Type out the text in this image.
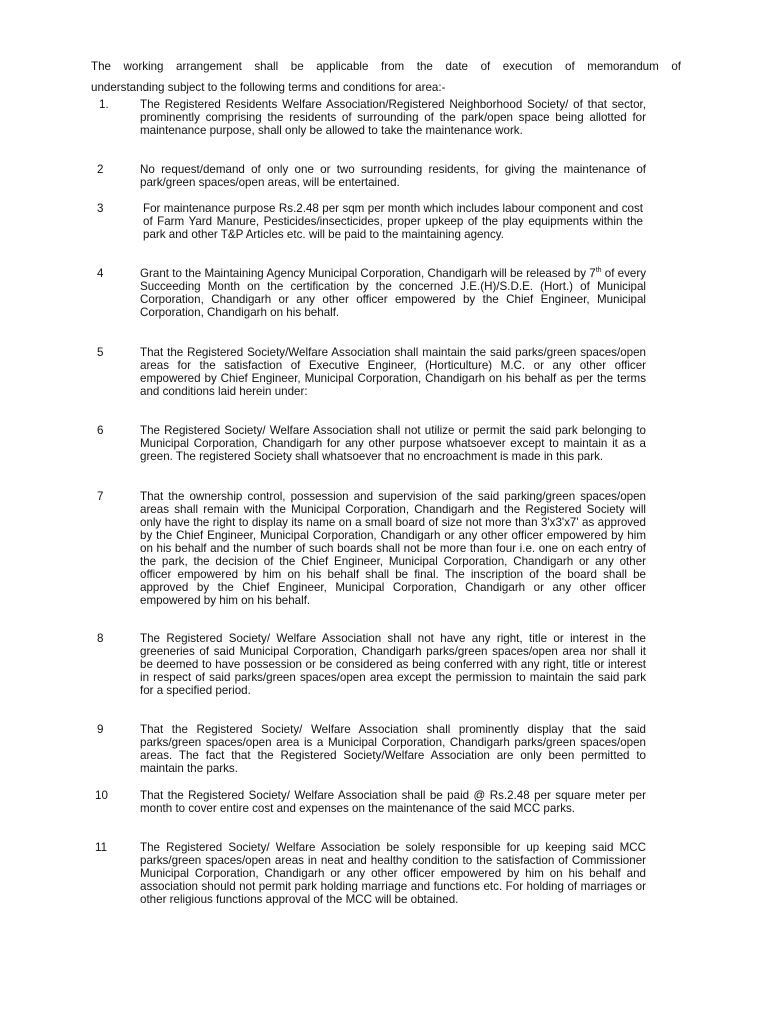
The working arrangement shall be applicable from the date of execution of memorandum of
understanding subject to the following terms and conditions for area:-
1.	The Registered Residents Welfare Association/Registered Neighborhood Society/ of that sector, prominently comprising the residents of surrounding of the park/open space being allotted for maintenance purpose, shall only be allowed to take the maintenance work.
2	No request/demand of only one or two surrounding residents, for giving the maintenance of park/green spaces/open areas, will be entertained.
3	For maintenance purpose Rs.2.48 per sqm per month which includes labour component and cost of Farm Yard Manure, Pesticides/insecticides, proper upkeep of the play equipments within the park and other T&P Articles etc. will be paid to the maintaining agency.
4	Grant to the Maintaining Agency Municipal Corporation, Chandigarh will be released by 7th of every Succeeding Month on the certification by the concerned J.E.(H)/S.D.E. (Hort.) of Municipal Corporation, Chandigarh or any other officer empowered by the Chief Engineer, Municipal Corporation, Chandigarh on his behalf.
5	That the Registered Society/Welfare Association shall maintain the said parks/green spaces/open areas for the satisfaction of Executive Engineer, (Horticulture) M.C. or any other officer empowered by Chief Engineer, Municipal Corporation, Chandigarh on his behalf as per the terms and conditions laid herein under:
6	The Registered Society/ Welfare Association shall not utilize or permit the said park belonging to Municipal Corporation, Chandigarh for any other purpose whatsoever except to maintain it as a green. The registered Society shall whatsoever that no encroachment is made in this park.
7	That the ownership control, possession and supervision of the said parking/green spaces/open areas shall remain with the Municipal Corporation, Chandigarh and the Registered Society will only have the right to display its name on a small board of size not more than 3'x3'x7' as approved by the Chief Engineer, Municipal Corporation, Chandigarh or any other officer empowered by him on his behalf and the number of such boards shall not be more than four i.e. one on each entry of the park, the decision of the Chief Engineer, Municipal Corporation, Chandigarh or any other officer empowered by him on his behalf shall be final. The inscription of the board shall be approved by the Chief Engineer, Municipal Corporation, Chandigarh or any other officer empowered by him on his behalf.
8	The Registered Society/ Welfare Association shall not have any right, title or interest in the greeneries of said Municipal Corporation, Chandigarh parks/green spaces/open area nor shall it be deemed to have possession or be considered as being conferred with any right, title or interest in respect of said parks/green spaces/open area except the permission to maintain the said park for a specified period.
9	That the Registered Society/ Welfare Association shall prominently display that the said parks/green spaces/open area is a Municipal Corporation, Chandigarh parks/green spaces/open areas. The fact that the Registered Society/Welfare Association are only been permitted to maintain the parks.
10	That the Registered Society/ Welfare Association shall be paid @ Rs.2.48 per square meter per month to cover entire cost and expenses on the maintenance of the said MCC parks.
11	The Registered Society/ Welfare Association be solely responsible for up keeping said MCC parks/green spaces/open areas in neat and healthy condition to the satisfaction of Commissioner Municipal Corporation, Chandigarh or any other officer empowered by him on his behalf and association should not permit park holding marriage and functions etc. For holding of marriages or other religious functions approval of the MCC will be obtained.
